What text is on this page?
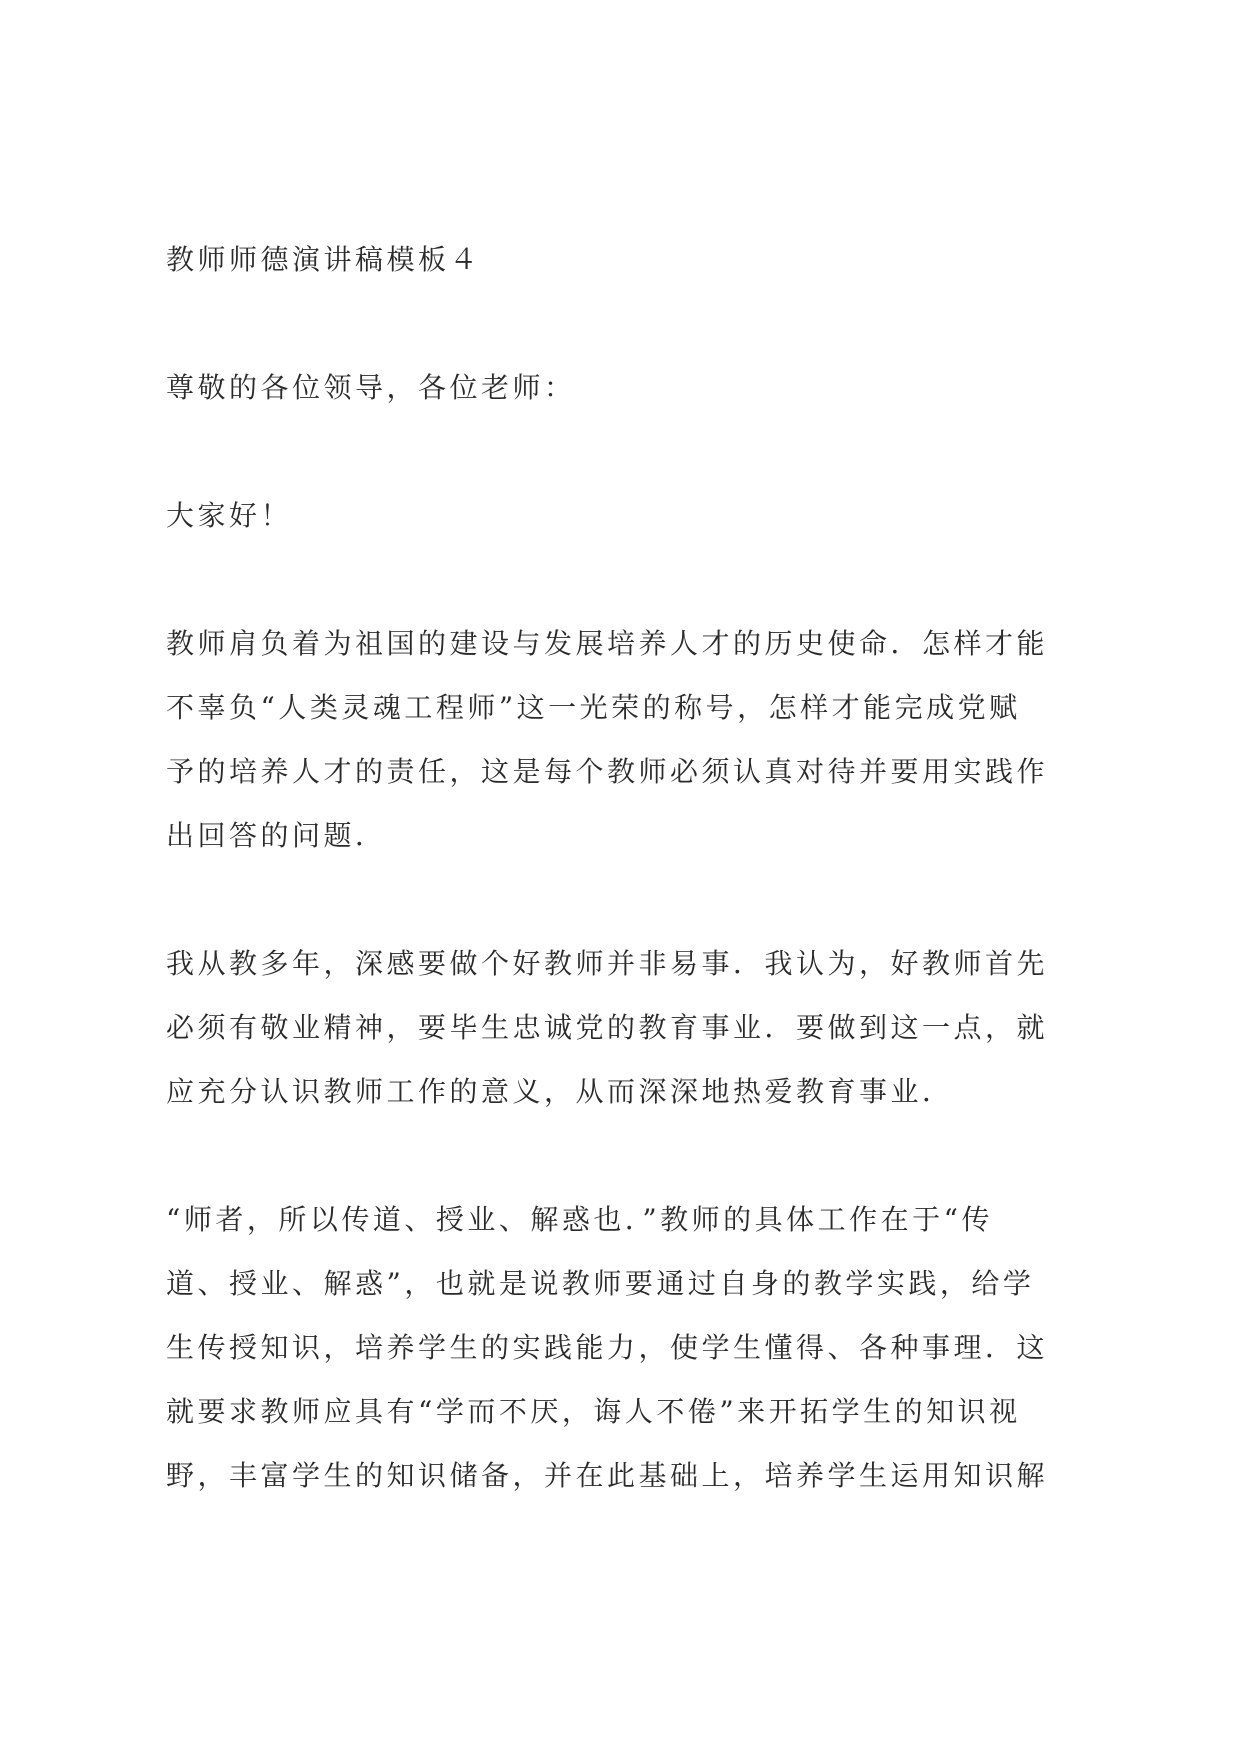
教师师德演讲稿模板４
尊敬的各位领导，各位老师：
大家好！
教师肩负着为祖国的建设与发展培养人才的历史使命．怎样才能
不辜负“人类灵魂工程师”这一光荣的称号，怎样才能完成党赋
予的培养人才的责任，这是每个教师必须认真对待并要用实践作
出回答的问题．
我从教多年，深感要做个好教师并非易事．我认为，好教师首先
必须有敬业精神，要毕生忠诚党的教育事业．要做到这一点，就
应充分认识教师工作的意义，从而深深地热爱教育事业．
“师者，所以传道、授业、解惑也．”教师的具体工作在于“传
道、授业、解惑”，也就是说教师要通过自身的教学实践，给学
生传授知识，培养学生的实践能力，使学生懂得、各种事理．这
就要求教师应具有“学而不厌，诲人不倦”来开拓学生的知识视
野，丰富学生的知识储备，并在此基础上，培养学生运用知识解
